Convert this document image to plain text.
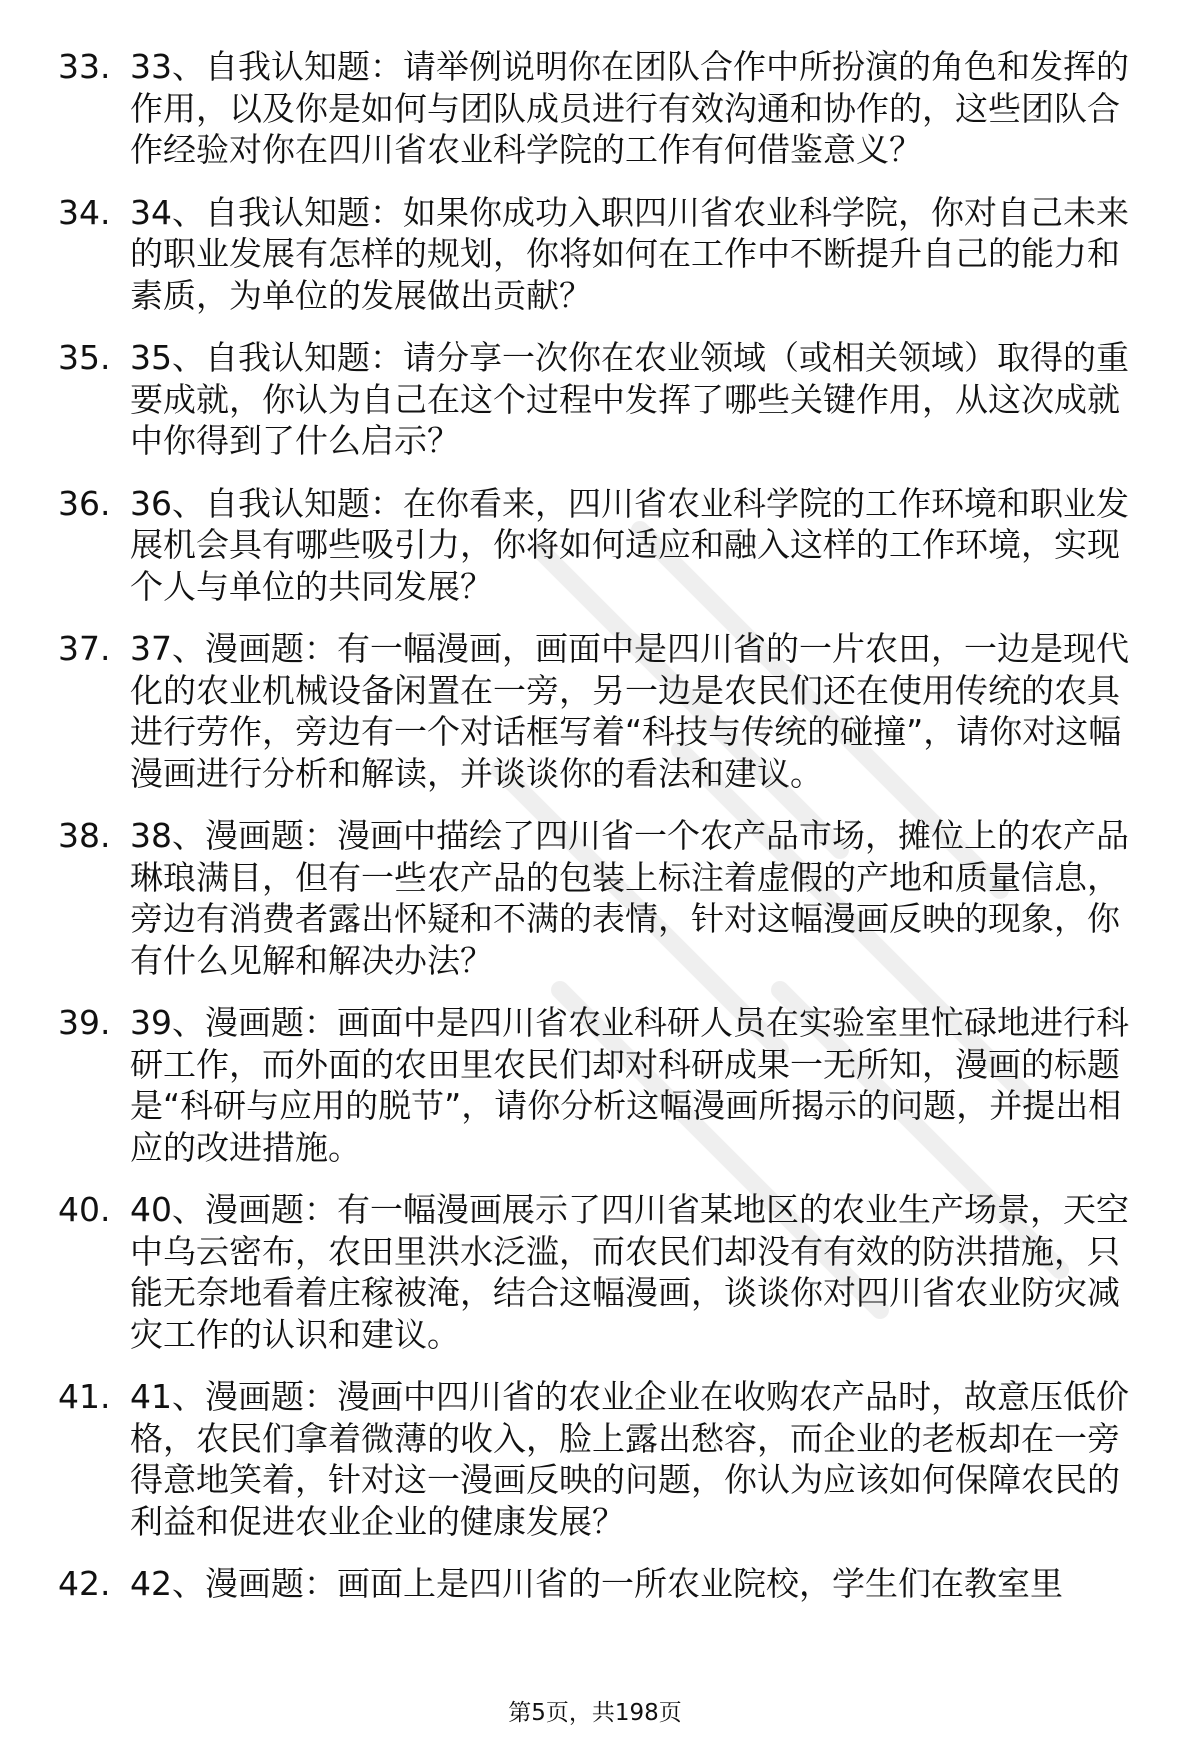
33. 33、自我认知题：请举例说明你在团队合作中所扮演的角色和发挥的作用，以及你是如何与团队成员进行有效沟通和协作的，这些团队合作经验对你在四川省农业科学院的工作有何借鉴意义？
34. 34、自我认知题：如果你成功入职四川省农业科学院，你对自己未来的职业发展有怎样的规划，你将如何在工作中不断提升自己的能力和素质，为单位的发展做出贡献？
35. 35、自我认知题：请分享一次你在农业领域（或相关领域）取得的重要成就，你认为自己在这个过程中发挥了哪些关键作用，从这次成就中你得到了什么启示？
36. 36、自我认知题：在你看来，四川省农业科学院的工作环境和职业发展机会具有哪些吸引力，你将如何适应和融入这样的工作环境，实现个人与单位的共同发展？
37. 37、漫画题：有一幅漫画，画面中是四川省的一片农田，一边是现代化的农业机械设备闲置在一旁，另一边是农民们还在使用传统的农具进行劳作，旁边有一个对话框写着“科技与传统的碰撞”，请你对这幅漫画进行分析和解读，并谈谈你的看法和建议。
38. 38、漫画题：漫画中描绘了四川省一个农产品市场，摊位上的农产品琳琅满目，但有一些农产品的包装上标注着虚假的产地和质量信息，旁边有消费者露出怀疑和不满的表情，针对这幅漫画反映的现象，你有什么见解和解决办法？
39. 39、漫画题：画面中是四川省农业科研人员在实验室里忙碌地进行科研工作，而外面的农田里农民们却对科研成果一无所知，漫画的标题是“科研与应用的脱节”，请你分析这幅漫画所揭示的问题，并提出相应的改进措施。
40. 40、漫画题：有一幅漫画展示了四川省某地区的农业生产场景，天空中乌云密布，农田里洪水泛滥，而农民们却没有有效的防洪措施，只能无奈地看着庄稼被淹，结合这幅漫画，谈谈你对四川省农业防灾减灾工作的认识和建议。
41. 41、漫画题：漫画中四川省的农业企业在收购农产品时，故意压低价格，农民们拿着微薄的收入，脸上露出愁容，而企业的老板却在一旁得意地笑着，针对这一漫画反映的问题，你认为应该如何保障农民的利益和促进农业企业的健康发展？
42. 42、漫画题：画面上是四川省的一所农业院校，学生们在教室里
第5页，共198页
